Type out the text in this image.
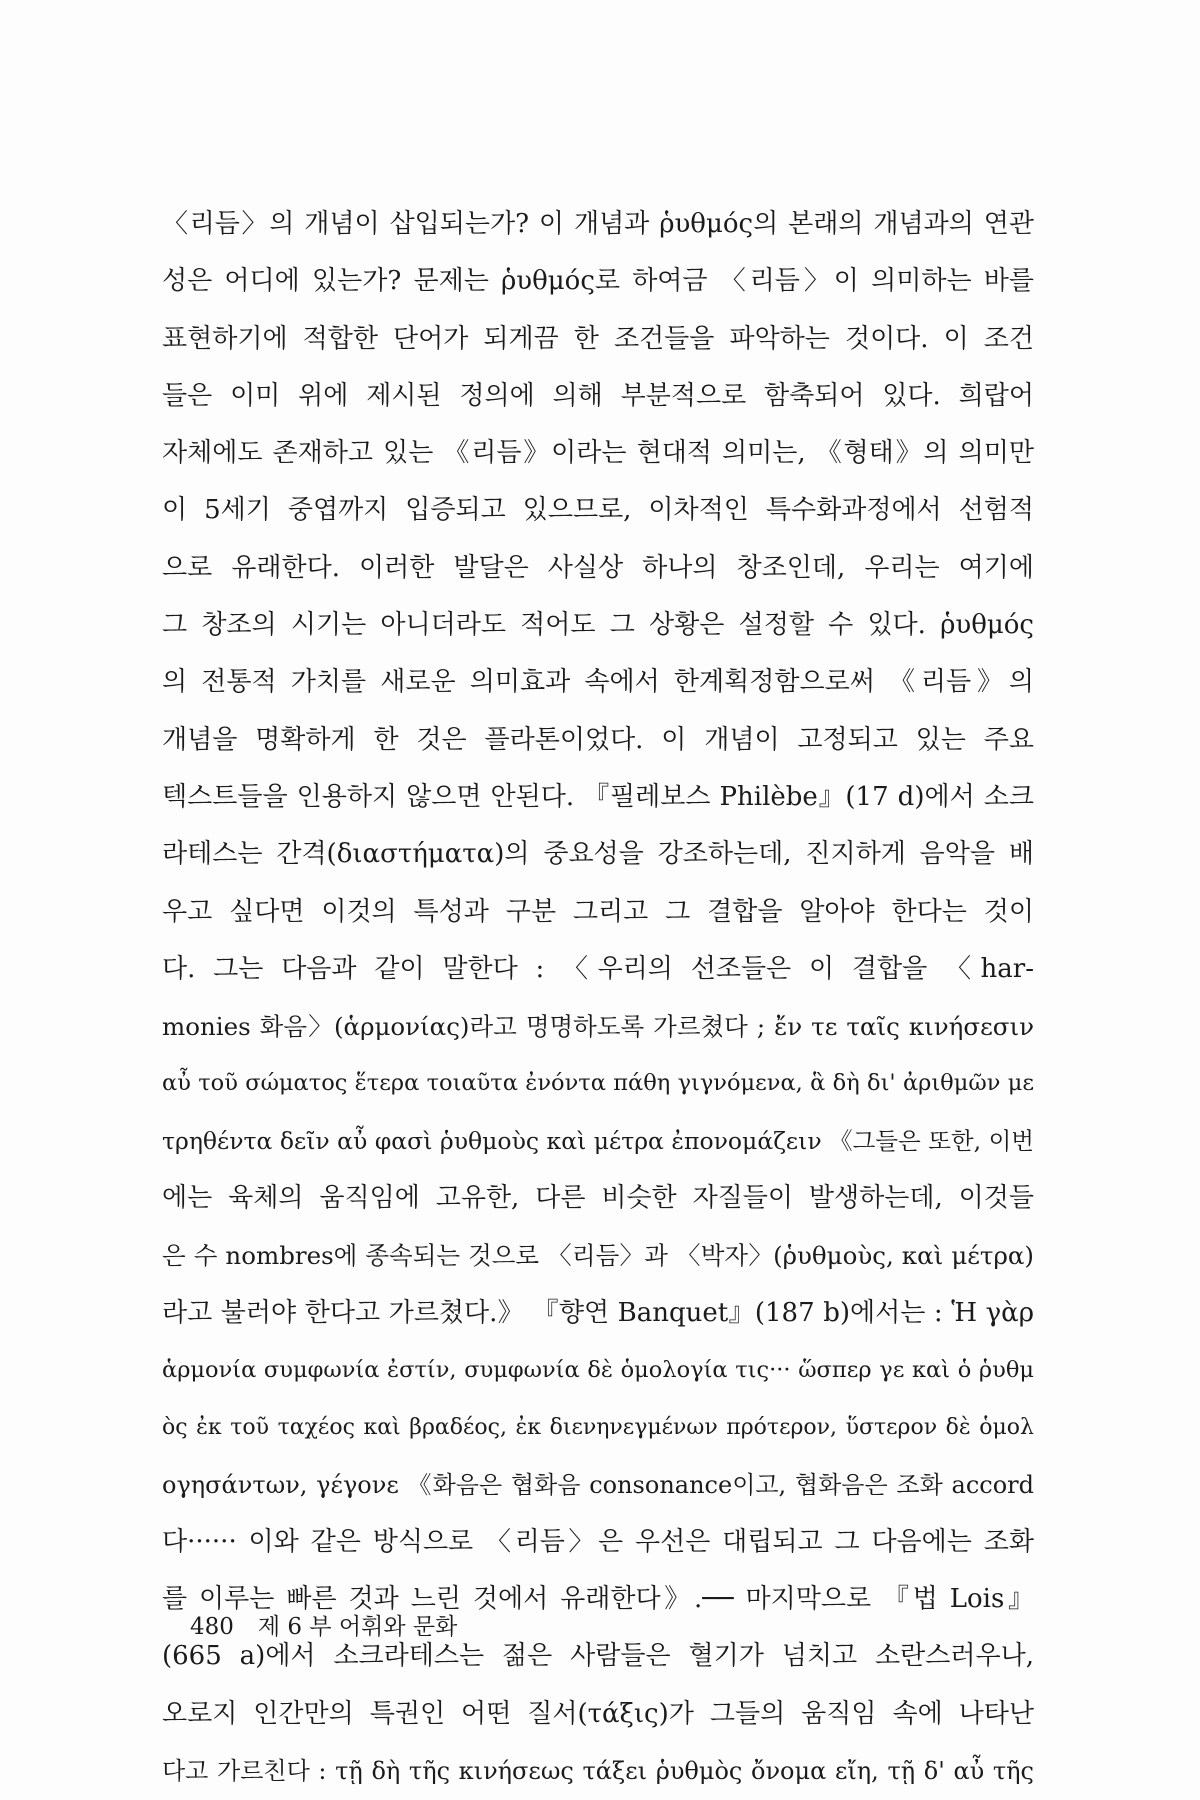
〈리듬〉의 개념이 삽입되는가? 이 개념과 ῥυθμός의 본래의 개념과의 연관
성은 어디에 있는가? 문제는 ῥυθμός로 하여금 〈리듬〉이 의미하는 바를
표현하기에 적합한 단어가 되게끔 한 조건들을 파악하는 것이다. 이 조건
들은 이미 위에 제시된 정의에 의해 부분적으로 함축되어 있다. 희랍어
자체에도 존재하고 있는 《리듬》이라는 현대적 의미는, 《형태》의 의미만
이 5세기 중엽까지 입증되고 있으므로, 이차적인 특수화과정에서 선험적
으로 유래한다. 이러한 발달은 사실상 하나의 창조인데, 우리는 여기에
그 창조의 시기는 아니더라도 적어도 그 상황은 설정할 수 있다. ῥυθμός
의 전통적 가치를 새로운 의미효과 속에서 한계획정함으로써 《리듬》의
개념을 명확하게 한 것은 플라톤이었다. 이 개념이 고정되고 있는 주요
텍스트들을 인용하지 않으면 안된다. 『필레보스 Philèbe』(17 d)에서 소크
라테스는 간격(διαστήματα)의 중요성을 강조하는데, 진지하게 음악을 배
우고 싶다면 이것의 특성과 구분 그리고 그 결합을 알아야 한다는 것이
다. 그는 다음과 같이 말한다 : 〈우리의 선조들은 이 결합을 〈har-
monies 화음〉(ἁρμονίας)라고 명명하도록 가르쳤다 ; ἔν τε ταῖς κινήσεσιν
αὖ τοῦ σώματος ἕτερα τοιαῦτα ἐνόντα πάθη γιγνόμενα, ἃ δὴ δι' ἀριθμῶν με
τρηθέντα δεῖν αὖ φασὶ ῥυθμοὺς καὶ μέτρα ἐπονομάζειν 《그들은 또한, 이번
에는 육체의 움직임에 고유한, 다른 비슷한 자질들이 발생하는데, 이것들
은 수 nombres에 종속되는 것으로 〈리듬〉과 〈박자〉(ῥυθμοὺς, καὶ μέτρα)
라고 불러야 한다고 가르쳤다.》 『향연 Banquet』(187 b)에서는 : Ἡ γὰρ
ἁρμονία συμφωνία ἐστίν, συμφωνία δὲ ὁμολογία τις··· ὥσπερ γε καὶ ὁ ῥυθμ
ὸς ἐκ τοῦ ταχέος καὶ βραδέος, ἐκ διενηνεγμένων πρότερον, ὕστερον δὲ ὁμολ
ογησάντων, γέγονε 《화음은 협화음 consonance이고, 협화음은 조화 accord
다······ 이와 같은 방식으로 〈리듬〉은 우선은 대립되고 그 다음에는 조화
를 이루는 빠른 것과 느린 것에서 유래한다》.── 마지막으로 『법 Lois』
(665 a)에서 소크라테스는 젊은 사람들은 혈기가 넘치고 소란스러우나,
오로지 인간만의 특권인 어떤 질서(τάξις)가 그들의 움직임 속에 나타난
다고 가르친다 : τῇ δὴ τῆς κινήσεως τάξει ῥυθμὸς ὄνομα εἴη, τῇ δ' αὖ τῆς
480 제 6 부 어휘와 문화
